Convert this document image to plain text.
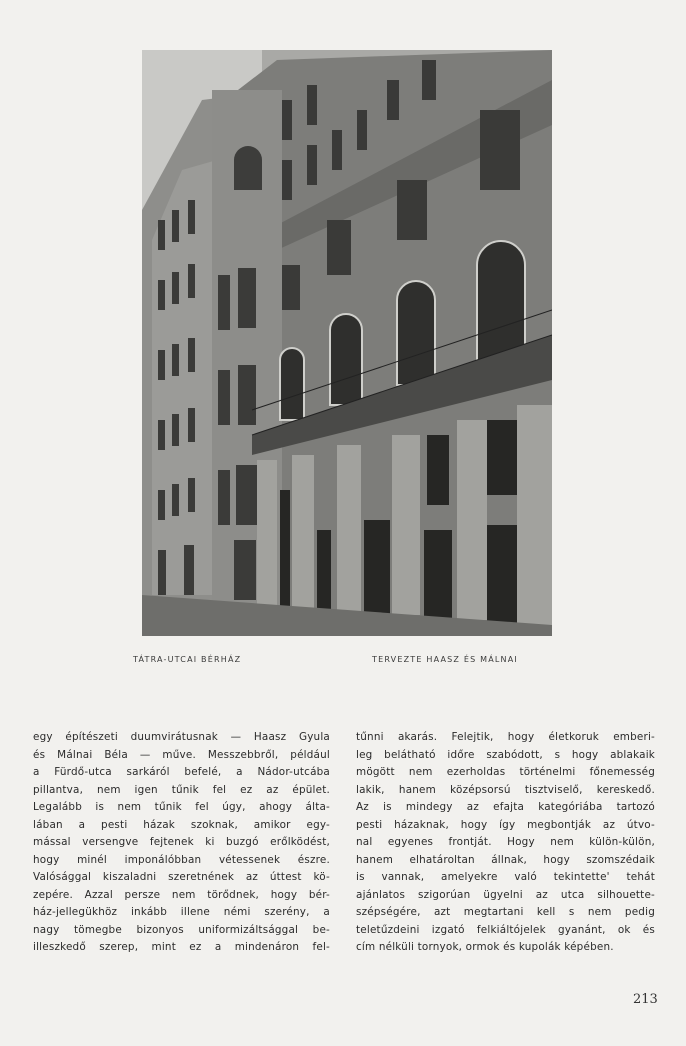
TÁTRA-UTCAI BÉRHÁZ	TERVEZTE HAASZ ÉS MÁLNAI
egy építészeti duumvirátusnak — Haasz Gyula
és Málnai Béla — műve. Messzebbről, például
a Fürdő-utca sarkáról befelé, a Nádor-utcába
pillantva, nem igen tűnik fel ez az épület.
Legalább is nem tűnik fel úgy, ahogy álta-
lában a pesti házak szoknak, amikor egy-
mással versengve fejtenek ki buzgó erőlködést,
hogy minél imponálóbban vétessenek észre.
Valósággal kiszaladni szeretnének az úttest kö-
zepére. Azzal persze nem törődnek, hogy bér-
ház-jellegükhöz inkább illene némi szerény, a
nagy tömegbe bizonyos uniformizáltsággal be-
illeszkedő szerep, mint ez a mindenáron fel-
tűnni akarás. Felejtik, hogy életkoruk emberi-
leg belátható időre szabódott, s hogy ablakaik
mögött nem ezerholdas történelmi főnemesség
lakik, hanem középsorsú tisztviselő, kereskedő.
Az is mindegy az efajta kategóriába tartozó
pesti házaknak, hogy így megbontják az útvo-
nal egyenes frontját. Hogy nem külön-külön,
hanem elhatároltan állnak, hogy szomszédaik
is vannak, amelyekre való tekintette' tehát
ajánlatos szigorúan ügyelni az utca silhouette-
szépségére, azt megtartani kell s nem pedig
teletűzdeini izgató felkiáltójelek gyanánt, ok és
cím nélküli tornyok, ormok és kupolák képében.
213
